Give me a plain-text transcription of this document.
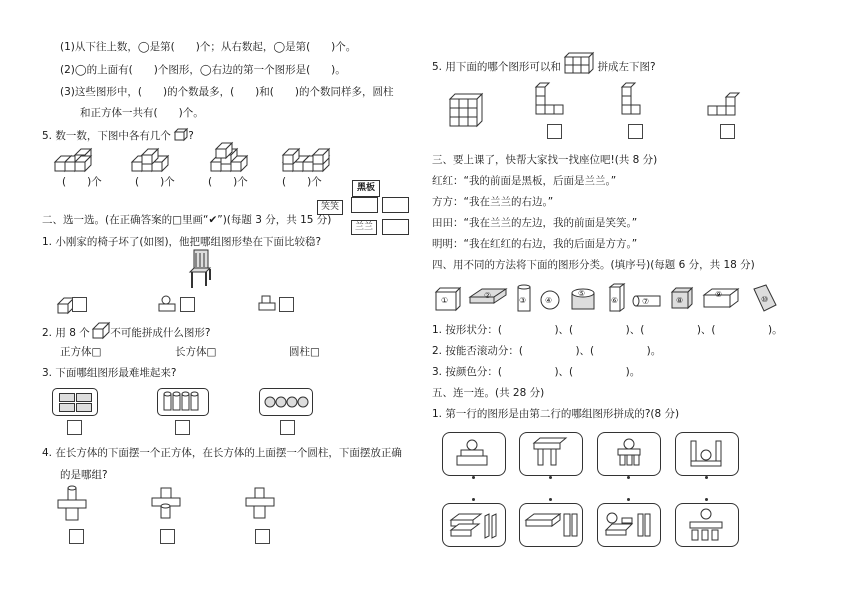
(1)从下往上数，◯是第(　　)个；从右数起，◯是第(　　)个。
(2)◯的上面有(　　)个图形，◯右边的第一个图形是(　　)。
(3)这些图形中，(　　)的个数最多，(　　)和(　　)的个数同样多，圆柱
和正方体一共有(　　)个。
5. 数一数，下图中各有几个 ?
(　　)个	(　　)个	(　　)个	(　　)个	黑板
笑笑
兰兰
二、选一选。(在正确答案的□里画“✔”)(每题 3 分，共 15 分)
1. 小刚家的椅子坏了(如图)，他把哪组图形垫在下面比较稳?
2. 用 8 个 不可能拼成什么图形?
正方体□	长方体□	圆柱□
3. 下面哪组图形最难堆起来?
4. 在长方体的下面摆一个正方体，在长方体的上面摆一个圆柱，下面摆放正确
的是哪组?
5. 用下面的哪个图形可以和	拼成左下图?
三、要上课了，快帮大家找一找座位吧!(共 8 分)
红红：“我的前面是黑板，后面是兰兰。”
方方：“我在兰兰的右边。”
田田：“我在兰兰的左边，我的前面是笑笑。”
明明：“我在红红的右边，我的后面是方方。”
四、用不同的方法将下面的图形分类。(填序号)(每题 6 分，共 18 分)
①
②
③ ④
⑤
⑥	⑦	⑧
⑨
⑩
1. 按形状分：(　　　　　)、(　　　　　)、(　　　　　)、(　　　　　)。
2. 按能否滚动分：(　　　　　)、(　　　　　)。
3. 按颜色分：(　　　　　)、(　　　　　)。
五、连一连。(共 28 分)
1. 第一行的图形是由第二行的哪组图形拼成的?(8 分)
